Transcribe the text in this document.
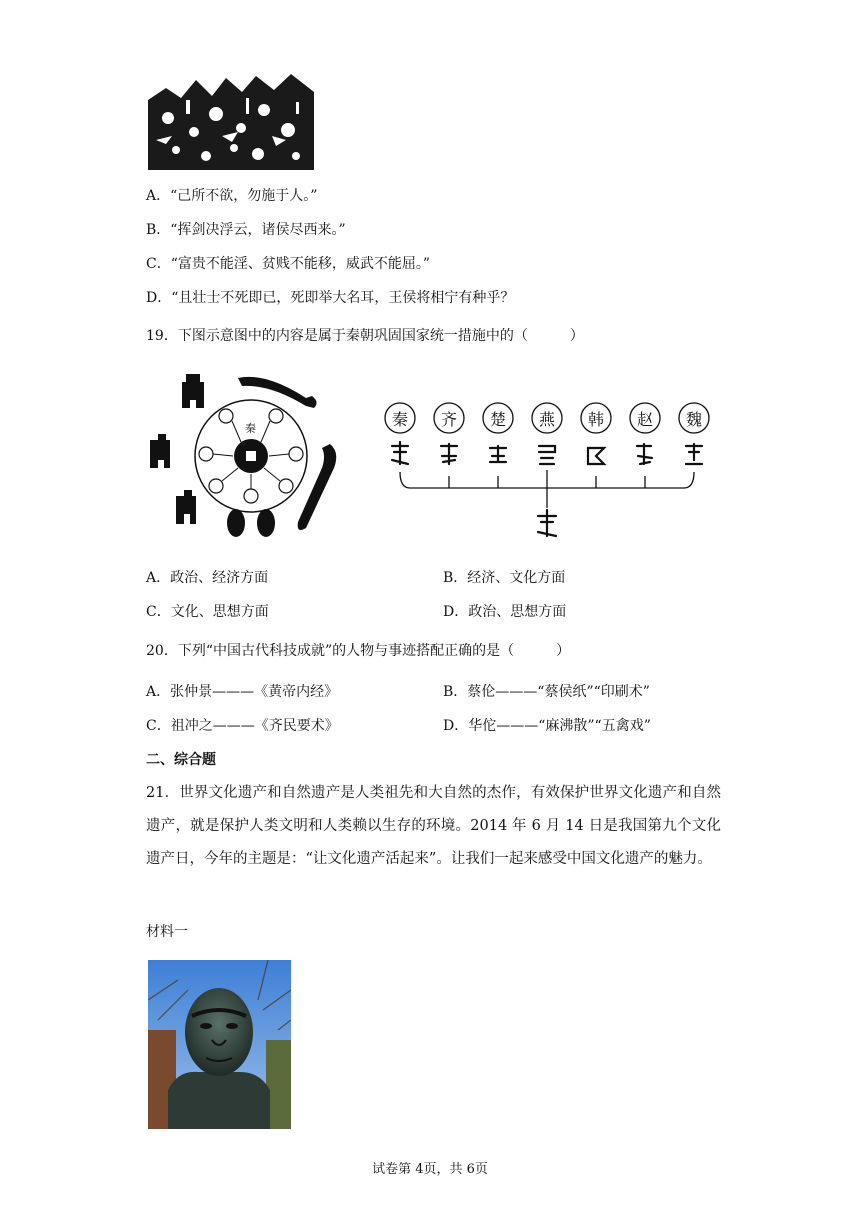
A．“己所不欲，勿施于人。”
B．“挥剑决浮云，诸侯尽西来。”
C．“富贵不能淫、贫贱不能移，威武不能屈。”
D．“且壮士不死即已，死即举大名耳，王侯将相宁有种乎？
19．下图示意图中的内容是属于秦朝巩固国家统一措施中的（　　　）
秦	秦 齐 楚 燕 韩 赵 魏
A．政治、经济方面	B．经济、文化方面
C．文化、思想方面	D．政治、思想方面
20．下列“中国古代科技成就”的人物与事迹搭配正确的是（　　　）
A．张仲景———《黄帝内经》	B．蔡伦———“蔡侯纸”“印刷术”
C．祖冲之———《齐民要术》	D．华佗———“麻沸散”“五禽戏”
二、综合题
21．世界文化遗产和自然遗产是人类祖先和大自然的杰作，有效保护世界文化遗产和自然遗产，就是保护人类文明和人类赖以生存的环境。2014 年 6 月 14 日是我国第九个文化遗产日，今年的主题是：“让文化遗产活起来”。让我们一起来感受中国文化遗产的魅力。
材料一
试卷第 4页，共 6页
